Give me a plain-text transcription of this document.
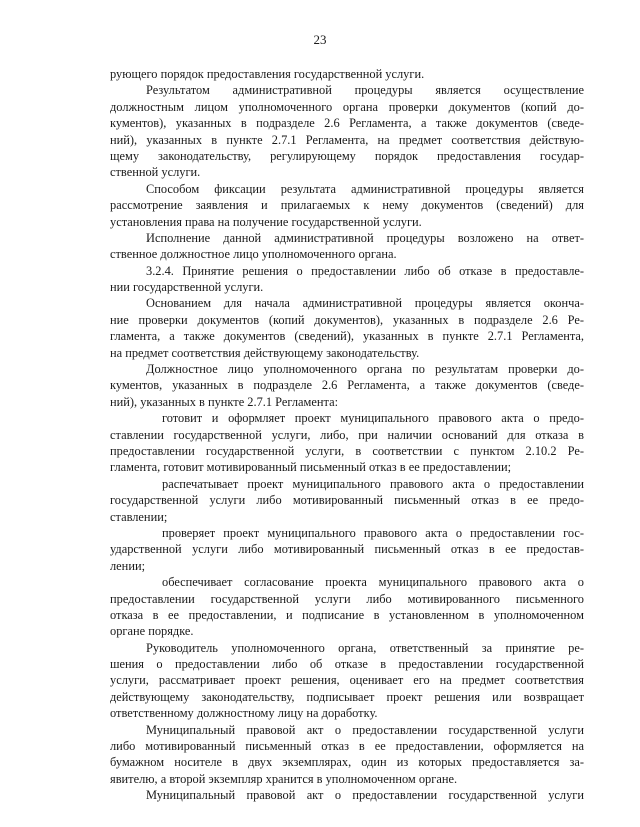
23
рующего порядок предоставления государственной услуги.
Результатом административной процедуры является осуществление
должностным лицом уполномоченного органа проверки документов (копий до-
кументов), указанных в подразделе 2.6 Регламента, а также документов (сведе-
ний), указанных в пункте 2.7.1 Регламента, на предмет соответствия действую-
щему законодательству, регулирующему порядок предоставления государ-
ственной услуги.
Способом фиксации результата административной процедуры является
рассмотрение заявления и прилагаемых к нему документов (сведений) для
установления права на получение государственной услуги.
Исполнение данной административной процедуры возложено на ответ-
ственное должностное лицо уполномоченного органа.
3.2.4. Принятие решения о предоставлении либо об отказе в предоставле-
нии государственной услуги.
Основанием для начала административной процедуры является оконча-
ние проверки документов (копий документов), указанных в подразделе 2.6 Ре-
гламента, а также документов (сведений), указанных в пункте 2.7.1 Регламента,
на предмет соответствия действующему законодательству.
Должностное лицо уполномоченного органа по результатам проверки до-
кументов, указанных в подразделе 2.6 Регламента, а также документов (сведе-
ний), указанных в пункте 2.7.1 Регламента:
готовит и оформляет проект муниципального правового акта о предо-
ставлении государственной услуги, либо, при наличии оснований для отказа в
предоставлении государственной услуги, в соответствии с пунктом 2.10.2 Ре-
гламента, готовит мотивированный письменный отказ в ее предоставлении;
распечатывает проект муниципального правового акта о предоставлении
государственной услуги либо мотивированный письменный отказ в ее предо-
ставлении;
проверяет проект муниципального правового акта о предоставлении гос-
ударственной услуги либо мотивированный письменный отказ в ее предостав-
лении;
обеспечивает согласование проекта муниципального правового акта о
предоставлении государственной услуги либо мотивированного письменного
отказа в ее предоставлении, и подписание в установленном в уполномоченном
органе порядке.
Руководитель уполномоченного органа, ответственный за принятие ре-
шения о предоставлении либо об отказе в предоставлении государственной
услуги, рассматривает проект решения, оценивает его на предмет соответствия
действующему законодательству, подписывает проект решения или возвращает
ответственному должностному лицу на доработку.
Муниципальный правовой акт о предоставлении государственной услуги
либо мотивированный письменный отказ в ее предоставлении, оформляется на
бумажном носителе в двух экземплярах, один из которых предоставляется за-
явителю, а второй экземпляр хранится в уполномоченном органе.
Муниципальный правовой акт о предоставлении государственной услуги
